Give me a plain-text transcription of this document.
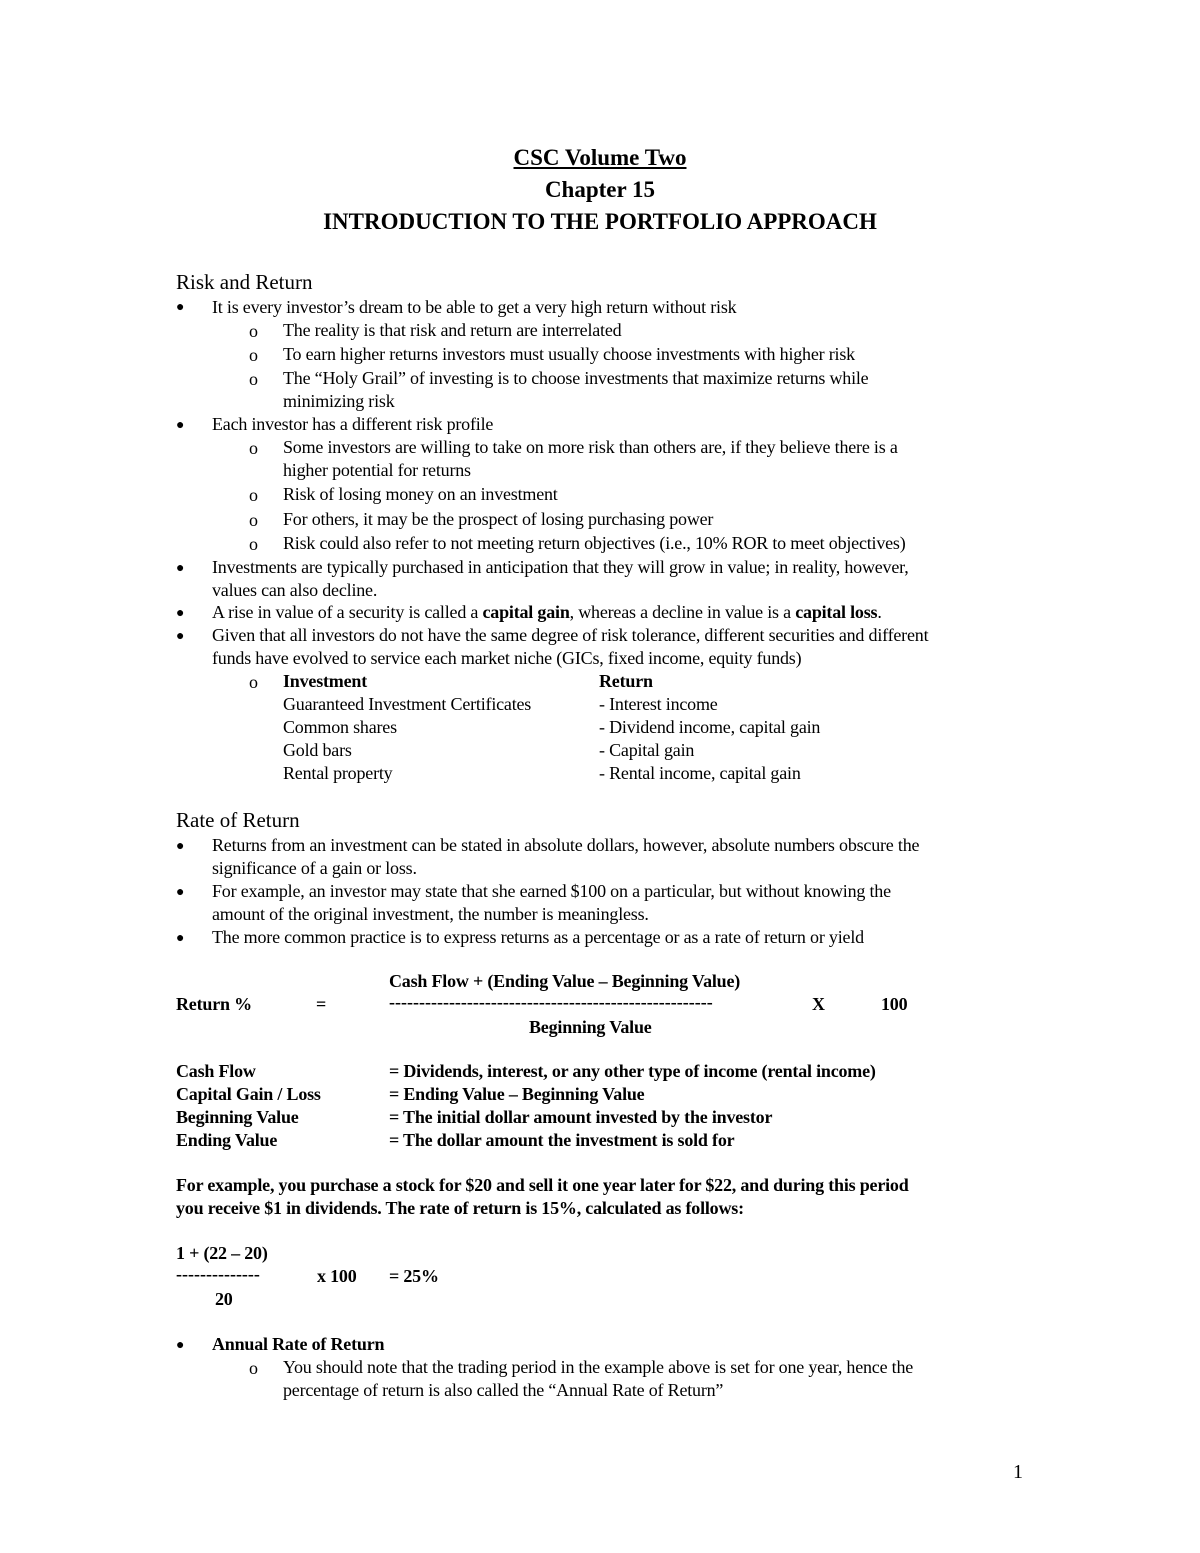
CSC Volume Two
Chapter 15
INTRODUCTION TO THE PORTFOLIO APPROACH
Risk and Return
● It is every investor’s dream to be able to get a very high return without risk
o The reality is that risk and return are interrelated
o To earn higher returns investors must usually choose investments with higher risk
o The “Holy Grail” of investing is to choose investments that maximize returns while
minimizing risk
● Each investor has a different risk profile
o Some investors are willing to take on more risk than others are, if they believe there is a
higher potential for returns
o Risk of losing money on an investment
o For others, it may be the prospect of losing purchasing power
o Risk could also refer to not meeting return objectives (i.e., 10% ROR to meet objectives)
● Investments are typically purchased in anticipation that they will grow in value; in reality, however,
values can also decline.
● A rise in value of a security is called a capital gain, whereas a decline in value is a capital loss.
● Given that all investors do not have the same degree of risk tolerance, different securities and different
funds have evolved to service each market niche (GICs, fixed income, equity funds)
o Investment	Return
Guaranteed Investment Certificates	- Interest income
Common shares	- Dividend income, capital gain
Gold bars	- Capital gain
Rental property	- Rental income, capital gain
Rate of Return
● Returns from an investment can be stated in absolute dollars, however, absolute numbers obscure the
significance of a gain or loss.
● For example, an investor may state that she earned $100 on a particular, but without knowing the
amount of the original investment, the number is meaningless.
● The more common practice is to express returns as a percentage or as a rate of return or yield
Cash Flow + (Ending Value – Beginning Value)
Return %	=	------------------------------------------------------	X	100
Beginning Value
Cash Flow	= Dividends, interest, or any other type of income (rental income)
Capital Gain / Loss	= Ending Value – Beginning Value
Beginning Value	= The initial dollar amount invested by the investor
Ending Value	= The dollar amount the investment is sold for
For example, you purchase a stock for $20 and sell it one year later for $22, and during this period
you receive $1 in dividends. The rate of return is 15%, calculated as follows:
1 + (22 – 20)
--------------	x 100 = 25%
20
● Annual Rate of Return
o You should note that the trading period in the example above is set for one year, hence the
percentage of return is also called the “Annual Rate of Return”
1
